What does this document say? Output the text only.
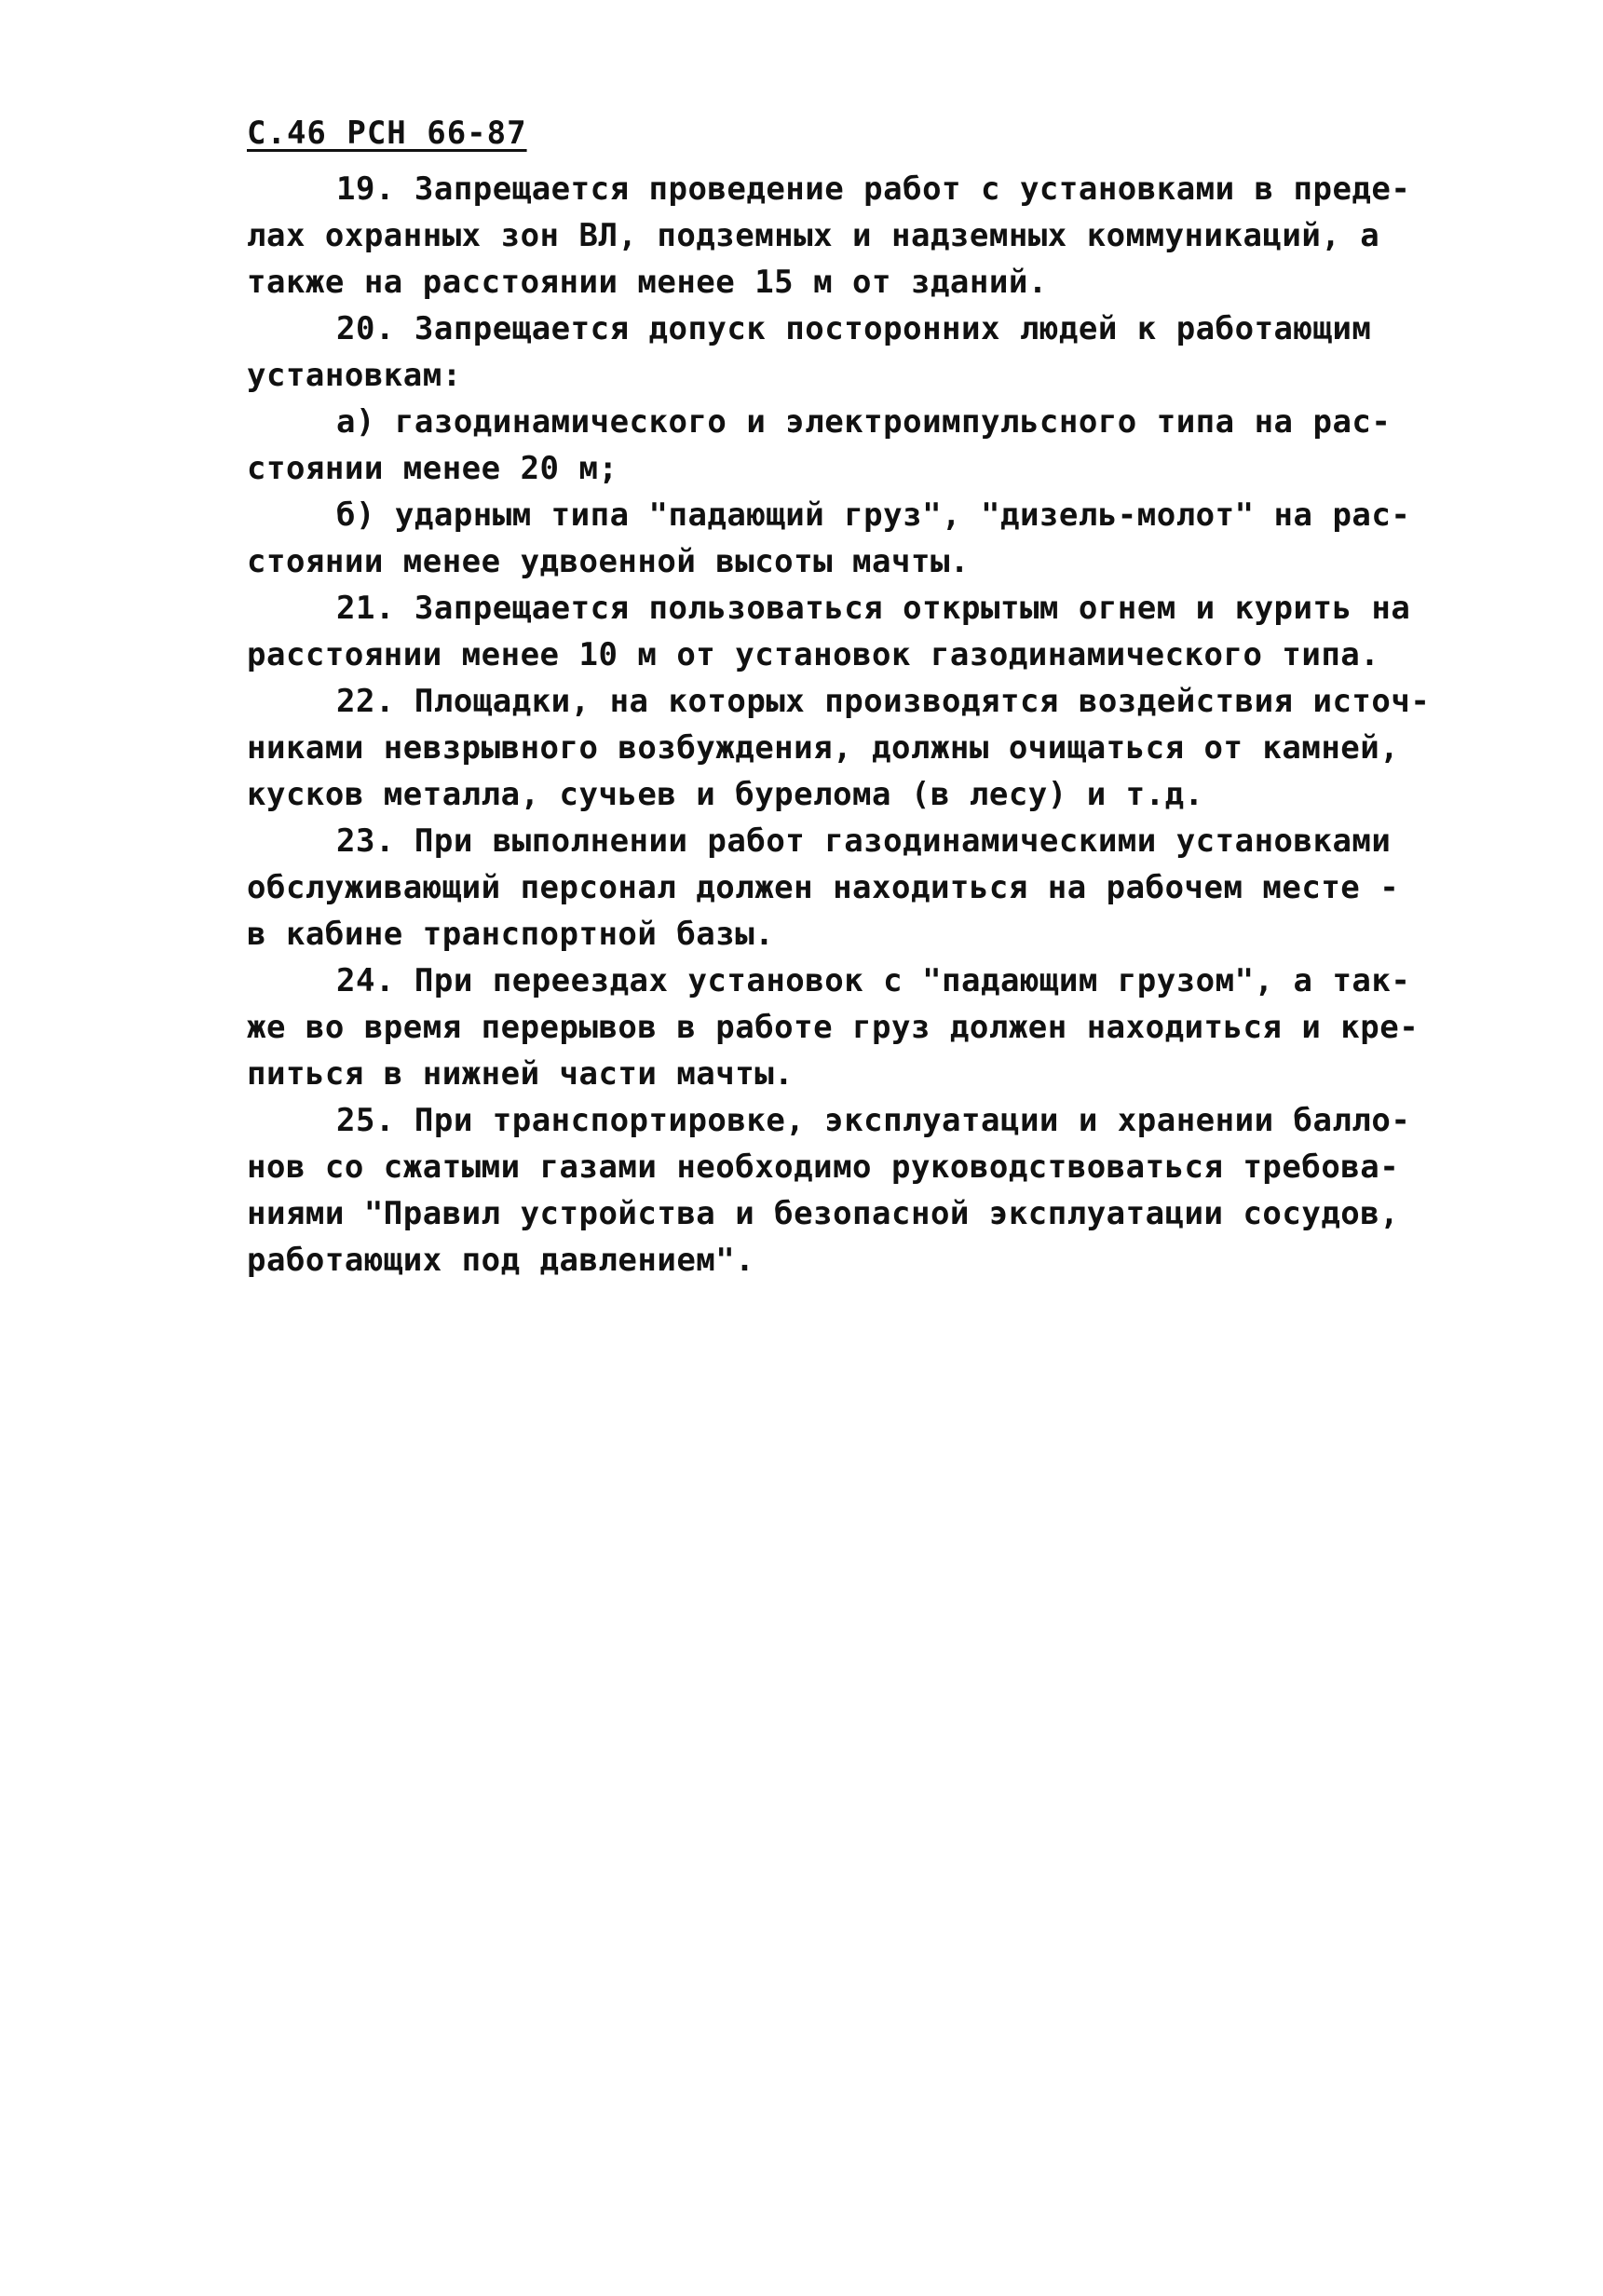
С.46 РСН 66-87
19. Запрещается проведение работ с установками в преде-
лах охранных зон ВЛ, подземных и надземных коммуникаций, а
также на расстоянии менее 15 м от зданий.
20. Запрещается допуск посторонних людей к работающим
установкам:
а) газодинамического и электроимпульсного типа на рас-
стоянии менее 20 м;
б) ударным типа "падающий груз", "дизель-молот" на рас-
стоянии менее удвоенной высоты мачты.
21. Запрещается пользоваться открытым огнем и курить на
расстоянии менее 10 м от установок газодинамического типа.
22. Площадки, на которых производятся воздействия источ-
никами невзрывного возбуждения, должны очищаться от камней,
кусков металла, сучьев и бурелома (в лесу) и т.д.
23. При выполнении работ газодинамическими установками
обслуживающий персонал должен находиться на рабочем месте -
в кабине транспортной базы.
24. При переездах установок с "падающим грузом", а так-
же во время перерывов в работе груз должен находиться и кре-
питься в нижней части мачты.
25. При транспортировке, эксплуатации и хранении балло-
нов со сжатыми газами необходимо руководствоваться требова-
ниями "Правил устройства и безопасной эксплуатации сосудов,
работающих под давлением".
